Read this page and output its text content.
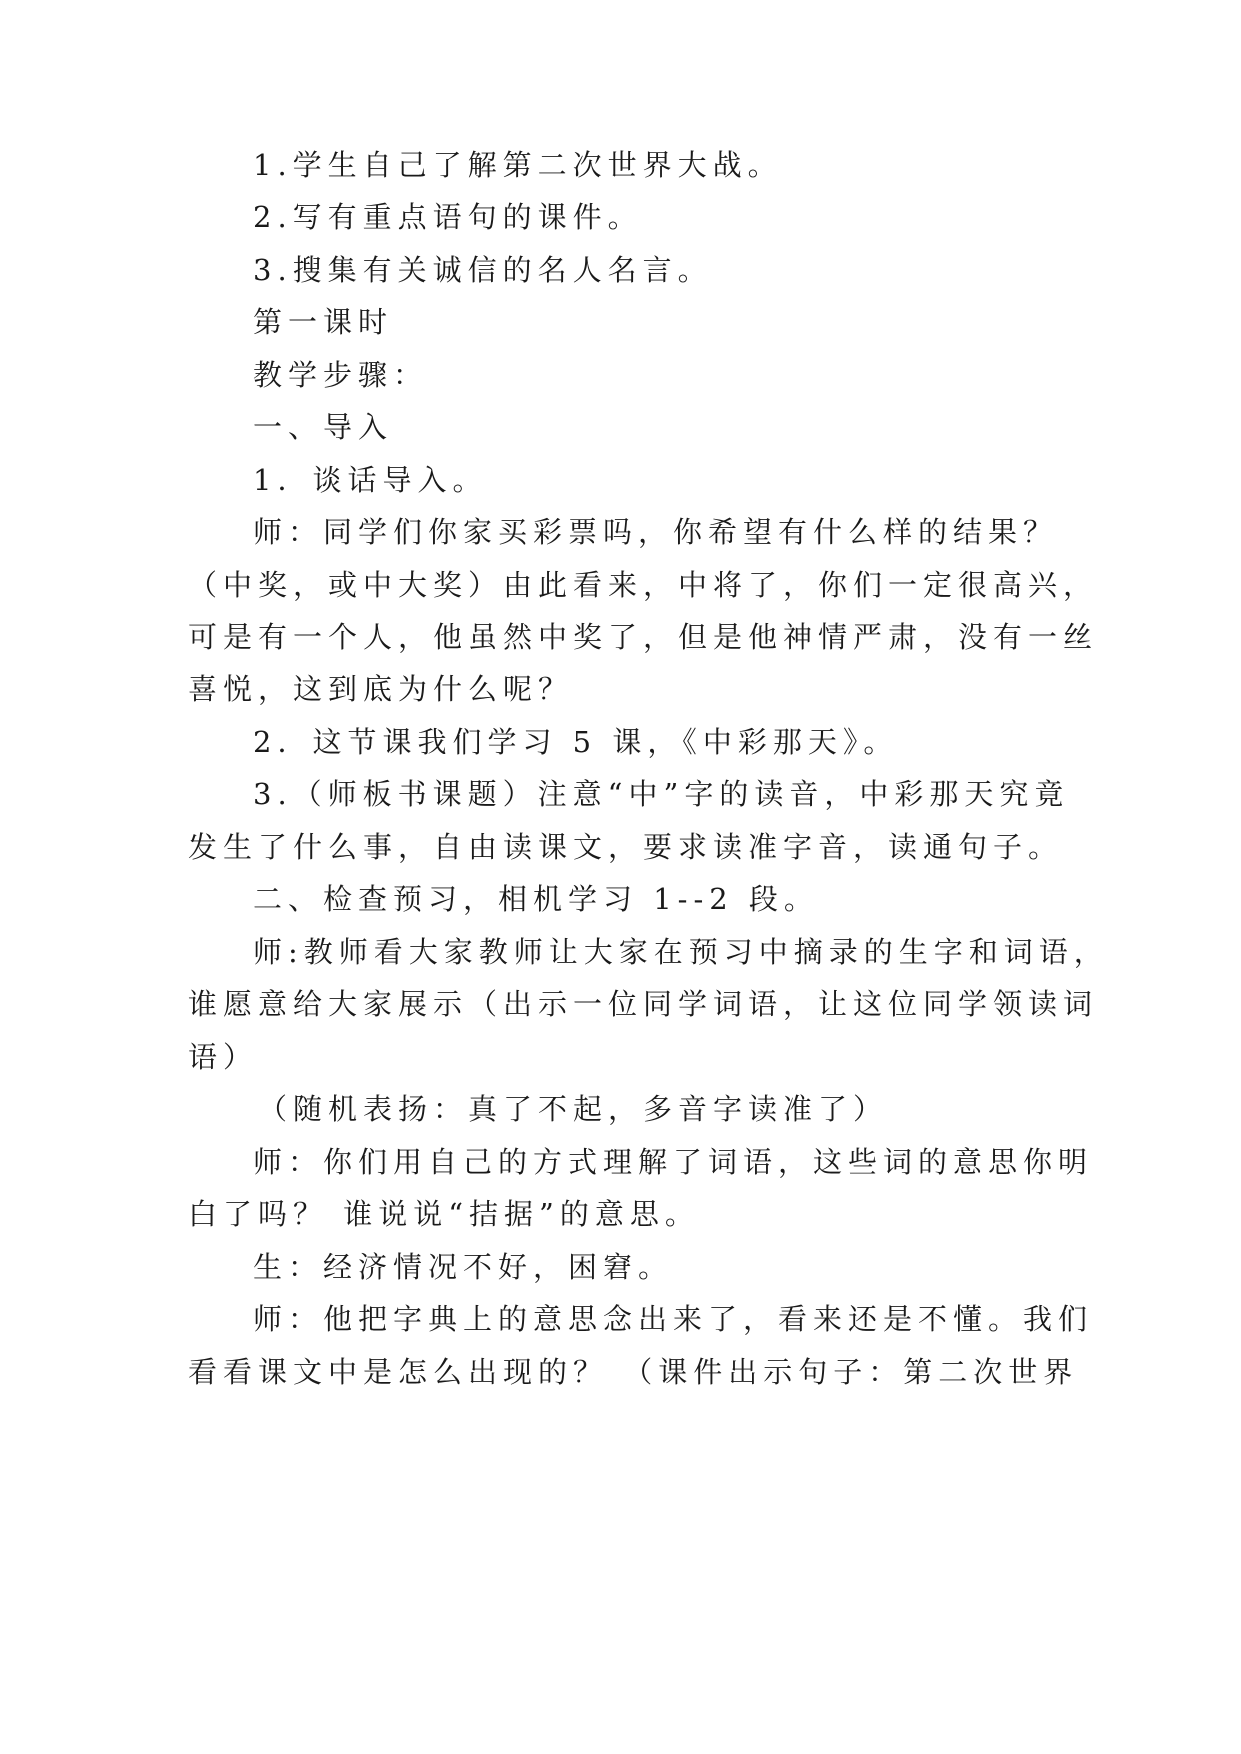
1.学生自己了解第二次世界大战。
2.写有重点语句的课件。
3.搜集有关诚信的名人名言。
第一课时
教学步骤：
一、导入
1．谈话导入。
师：同学们你家买彩票吗，你希望有什么样的结果？
（中奖，或中大奖）由此看来，中将了，你们一定很高兴，
可是有一个人，他虽然中奖了，但是他神情严肃，没有一丝
喜悦，这到底为什么呢？
2．这节课我们学习 5 课，《中彩那天》。
3.（师板书课题）注意“中”字的读音，中彩那天究竟
发生了什么事，自由读课文，要求读准字音，读通句子。
二、检查预习，相机学习 1--2 段。
师:教师看大家教师让大家在预习中摘录的生字和词语，
谁愿意给大家展示（出示一位同学词语，让这位同学领读词
语）
（随机表扬：真了不起，多音字读准了）
师：你们用自己的方式理解了词语，这些词的意思你明
白了吗？ 谁说说“拮据”的意思。
生：经济情况不好，困窘。
师：他把字典上的意思念出来了，看来还是不懂。我们
看看课文中是怎么出现的？ （课件出示句子：第二次世界
